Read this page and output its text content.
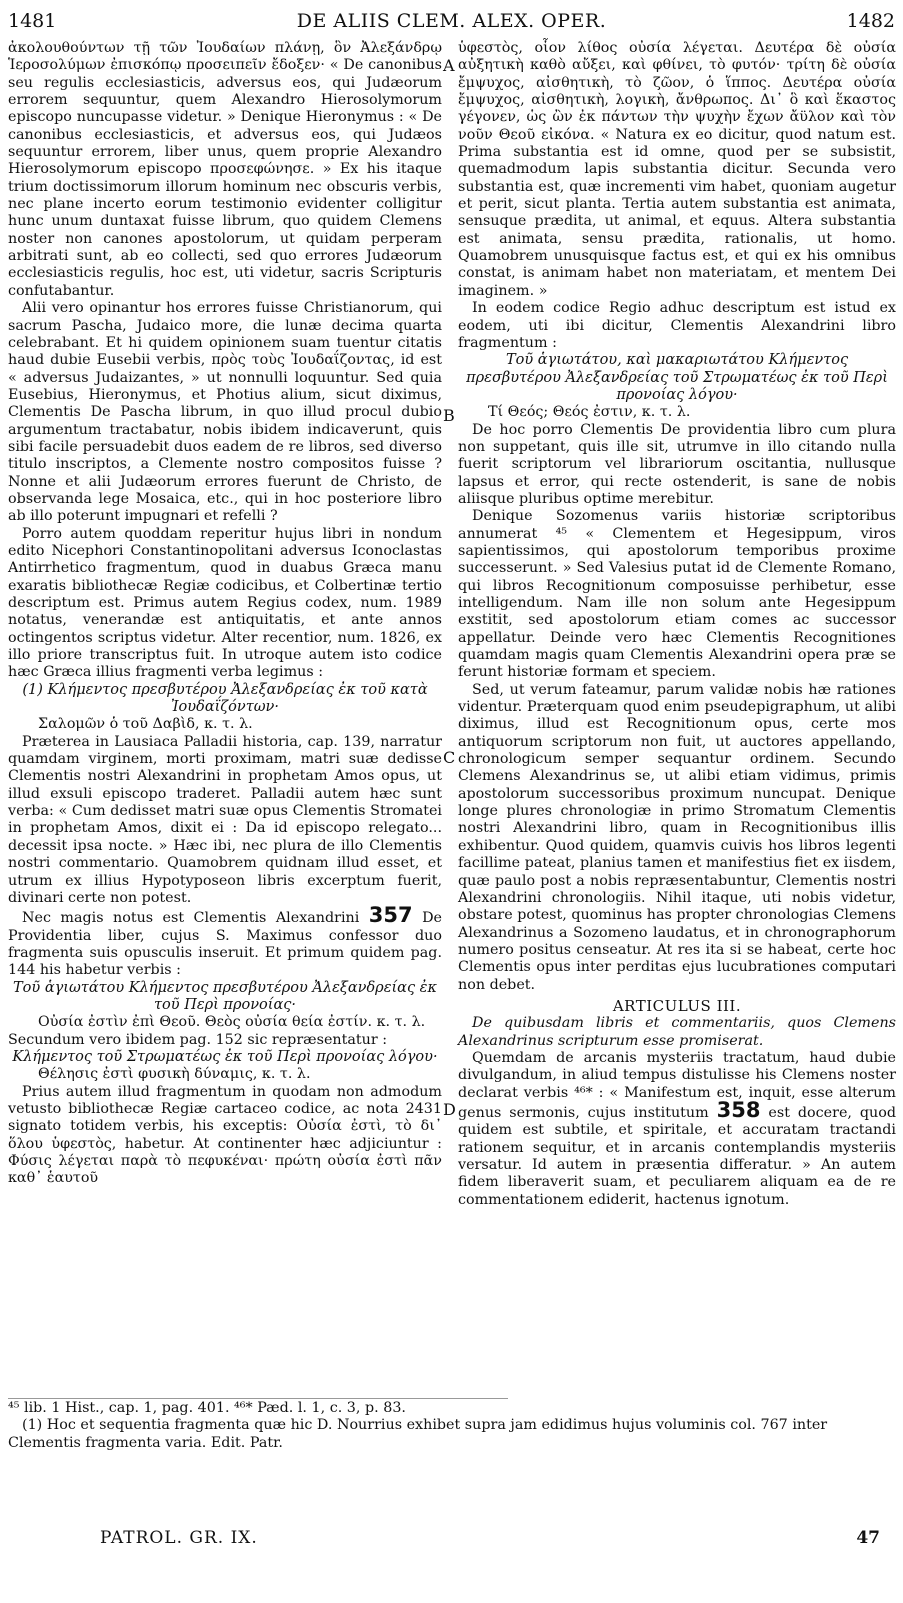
1481	DE ALIIS CLEM. ALEX. OPER.	1482
A
B
C
D

ἀκολουθούντων τῇ τῶν Ἰουδαίων πλάνῃ, ὃν Ἀλεξάνδρῳ Ἱεροσολύμων ἐπισκόπῳ προσειπεῖν ἔδοξεν· « De canonibus seu regulis ecclesiasticis, adversus eos, qui Judæorum errorem sequuntur, quem Alexandro Hierosolymorum episcopo nuncupasse videtur. » Denique Hieronymus : « De canonibus ecclesiasticis, et adversus eos, qui Judæos sequuntur errorem, liber unus, quem proprie Alexandro Hierosolymorum episcopo προσεφώνησε. » Ex his itaque trium doctissimorum illorum hominum nec obscuris verbis, nec plane incerto eorum testimonio evidenter colligitur hunc unum duntaxat fuisse librum, quo quidem Clemens noster non canones apostolorum, ut quidam perperam arbitrati sunt, ab eo collecti, sed quo errores Judæorum ecclesiasticis regulis, hoc est, uti videtur, sacris Scripturis confutabantur.

Alii vero opinantur hos errores fuisse Christianorum, qui sacrum Pascha, Judaico more, die lunæ decima quarta celebrabant. Et hi quidem opinionem suam tuentur citatis haud dubie Eusebii verbis, πρὸς τοὺς Ἰουδαΐζοντας, id est « adversus Judaizantes, » ut nonnulli loquuntur. Sed quia Eusebius, Hieronymus, et Photius alium, sicut diximus, Clementis De Pascha librum, in quo illud procul dubio argumentum tractabatur, nobis ibidem indicaverunt, quis sibi facile persuadebit duos eadem de re libros, sed diverso titulo inscriptos, a Clemente nostro compositos fuisse ? Nonne et alii Judæorum errores fuerunt de Christo, de observanda lege Mosaica, etc., qui in hoc posteriore libro ab illo poterunt impugnari et refelli ?

Porro autem quoddam reperitur hujus libri in nondum edito Nicephori Constantinopolitani adversus Iconoclastas Antirrhetico fragmentum, quod in duabus Græca manu exaratis bibliothecæ Regiæ codicibus, et Colbertinæ tertio descriptum est. Primus autem Regius codex, num. 1989 notatus, venerandæ est antiquitatis, et ante annos octingentos scriptus videtur. Alter recentior, num. 1826, ex illo priore transcriptus fuit. In utroque autem isto codice hæc Græca illius fragmenti verba legimus :

(1) Κλήμεντος πρεσβυτέρου Ἀλεξανδρείας ἐκ τοῦ κατὰ Ἰουδαΐζόντων·

Σαλομῶν ὁ τοῦ Δαβὶδ, κ. τ. λ.

Præterea in Lausiaca Palladii historia, cap. 139, narratur quamdam virginem, morti proximam, matri suæ dedisse Clementis nostri Alexandrini in prophetam Amos opus, ut illud exsuli episcopo traderet. Palladii autem hæc sunt verba: « Cum dedisset matri suæ opus Clementis Stromatei in prophetam Amos, dixit ei : Da id episcopo relegato... decessit ipsa nocte. » Hæc ibi, nec plura de illo Clementis nostri commentario. Quamobrem quidnam illud esset, et utrum ex illius Hypotyposeon libris excerptum fuerit, divinari certe non potest.

Nec magis notus est Clementis Alexandrini 357 De Providentia liber, cujus S. Maximus confessor duo fragmenta suis opusculis inseruit. Et primum quidem pag. 144 his habetur verbis :

Τοῦ ἁγιωτάτου Κλήμεντος πρεσβυτέρου Ἀλεξανδρείας ἐκ τοῦ Περὶ προνοίας·

Οὐσία ἐστὶν ἐπὶ Θεοῦ. Θεὸς οὐσία θεία ἐστίν. κ. τ. λ.

Secundum vero ibidem pag. 152 sic repræsentatur :

Κλήμεντος τοῦ Στρωματέως ἐκ τοῦ Περὶ προνοίας λόγου·

Θέλησις ἐστὶ φυσικὴ δύναμις, κ. τ. λ.

Prius autem illud fragmentum in quodam non admodum vetusto bibliothecæ Regiæ cartaceo codice, ac nota 2431 signato totidem verbis, his exceptis: Οὐσία ἐστὶ, τὸ δι᾽ ὅλου ὑφεστὸς, habetur. At continenter hæc adjiciuntur : Φύσις λέγεται παρὰ τὸ πεφυκέναι· πρώτη οὐσία ἐστὶ πᾶν καθ᾽ ἑαυτοῦ

ὑφεστὸς, οἷον λίθος οὐσία λέγεται. Δευτέρα δὲ οὐσία αὐξητικὴ καθὸ αὔξει, καὶ φθίνει, τὸ φυτόν· τρίτη δὲ οὐσία ἔμψυχος, αἰσθητικὴ, τὸ ζῶον, ὁ ἵππος. Δευτέρα οὐσία ἔμψυχος, αἰσθητικὴ, λογικὴ, ἄνθρωπος. Δι᾽ ὃ καὶ ἕκαστος γέγονεν, ὡς ὢν ἐκ πάντων τὴν ψυχὴν ἔχων ἄϋλον καὶ τὸν νοῦν Θεοῦ εἰκόνα. « Natura ex eo dicitur, quod natum est. Prima substantia est id omne, quod per se subsistit, quemadmodum lapis substantia dicitur. Secunda vero substantia est, quæ incrementi vim habet, quoniam augetur et perit, sicut planta. Tertia autem substantia est animata, sensuque prædita, ut animal, et equus. Altera substantia est animata, sensu prædita, rationalis, ut homo. Quamobrem unusquisque factus est, et qui ex his omnibus constat, is animam habet non materiatam, et mentem Dei imaginem. »

In eodem codice Regio adhuc descriptum est istud ex eodem, uti ibi dicitur, Clementis Alexandrini libro fragmentum :

Τοῦ ἁγιωτάτου, καὶ μακαριωτάτου Κλήμεντος πρεσβυτέρου Ἀλεξανδρείας τοῦ Στρωματέως ἐκ τοῦ Περὶ προνοίας λόγου·

Τί Θεός; Θεός ἐστιν, κ. τ. λ.

De hoc porro Clementis De providentia libro cum plura non suppetant, quis ille sit, utrumve in illo citando nulla fuerit scriptorum vel librariorum oscitantia, nullusque lapsus et error, qui recte ostenderit, is sane de nobis aliisque pluribus optime merebitur.

Denique Sozomenus variis historiæ scriptoribus annumerat ⁴⁵ « Clementem et Hegesippum, viros sapientissimos, qui apostolorum temporibus proxime successerunt. » Sed Valesius putat id de Clemente Romano, qui libros Recognitionum composuisse perhibetur, esse intelligendum. Nam ille non solum ante Hegesippum exstitit, sed apostolorum etiam comes ac successor appellatur. Deinde vero hæc Clementis Recognitiones quamdam magis quam Clementis Alexandrini opera præ se ferunt historiæ formam et speciem.

Sed, ut verum fateamur, parum validæ nobis hæ rationes videntur. Præterquam quod enim pseudepigraphum, ut alibi diximus, illud est Recognitionum opus, certe mos antiquorum scriptorum non fuit, ut auctores appellando, chronologicum semper sequantur ordinem. Secundo Clemens Alexandrinus se, ut alibi etiam vidimus, primis apostolorum successoribus proximum nuncupat. Denique longe plures chronologiæ in primo Stromatum Clementis nostri Alexandrini libro, quam in Recognitionibus illis exhibentur. Quod quidem, quamvis cuivis hos libros legenti facillime pateat, planius tamen et manifestius fiet ex iisdem, quæ paulo post a nobis repræsentabuntur, Clementis nostri Alexandrini chronologiis. Nihil itaque, uti nobis videtur, obstare potest, quominus has propter chronologias Clemens Alexandrinus a Sozomeno laudatus, et in chronographorum numero positus censeatur. At res ita si se habeat, certe hoc Clementis opus inter perditas ejus lucubrationes computari non debet.

ARTICULUS III.

De quibusdam libris et commentariis, quos Clemens Alexandrinus scripturum esse promiserat.

Quemdam de arcanis mysteriis tractatum, haud dubie divulgandum, in aliud tempus distulisse his Clemens noster declarat verbis ⁴⁶* : « Manifestum est, inquit, esse alterum genus sermonis, cujus institutum 358 est docere, quod quidem est subtile, et spiritale, et accuratam tractandi rationem sequitur, et in arcanis contemplandis mysteriis versatur. Id autem in præsentia differatur. » An autem fidem liberaverit suam, et peculiarem aliquam ea de re commentationem ediderit, hactenus ignotum.

⁴⁵ lib. 1 Hist., cap. 1, pag. 401. ⁴⁶* Pæd. l. 1, c. 3, p. 83.
(1) Hoc et sequentia fragmenta quæ hic D. Nourrius exhibet supra jam edidimus hujus voluminis col. 767 inter Clementis fragmenta varia. Edit. Patr.
PATROL. GR. IX.	47
